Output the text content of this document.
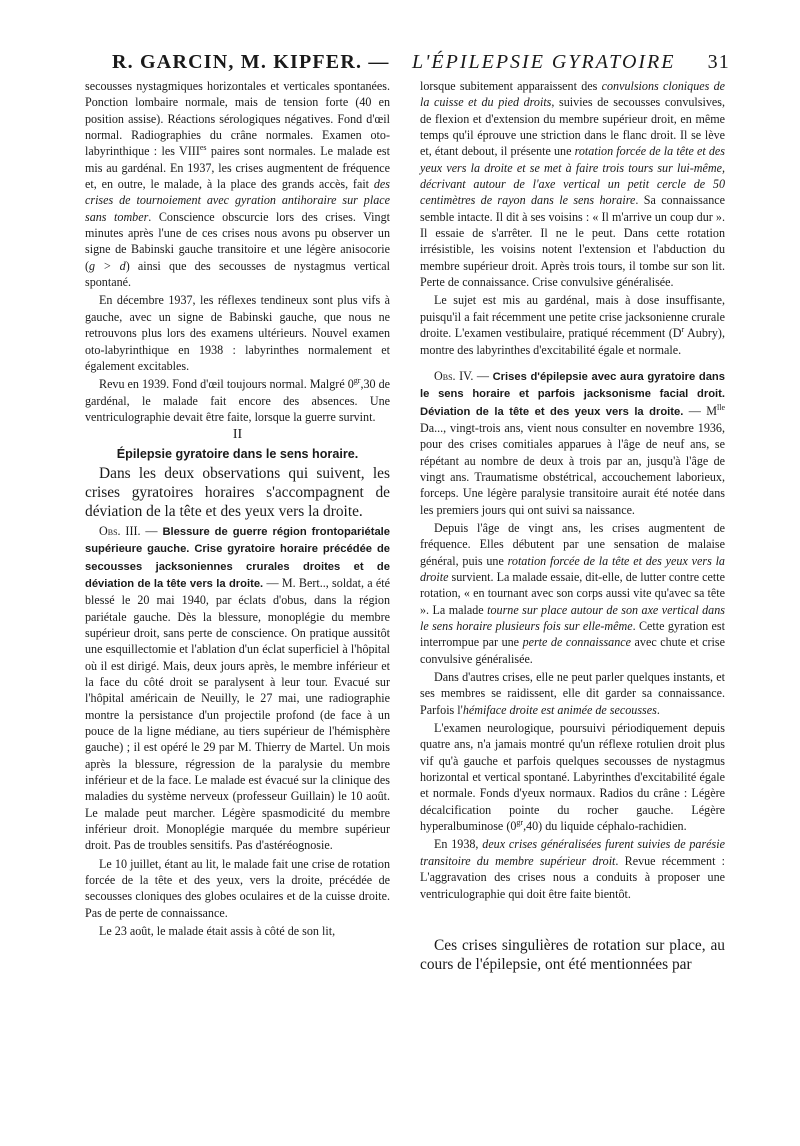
R. GARCIN, M. KIPFER. — L'ÉPILEPSIE GYRATOIRE 31

secousses nystagmiques horizontales et verticales spontanées. Ponction lombaire normale, mais de tension forte (40 en position assise). Réactions sérologiques négatives. Fond d'œil normal. Radiographies du crâne normales. Examen oto-labyrinthique : les $VIII^{es}$ paires sont normales. Le malade est mis au gardénal. En 1937, les crises augmentent de fréquence et, en outre, le malade, à la place des grands accès, fait des crises de tournoiement avec gyration antihoraire sur place sans tomber. Conscience obscurcie lors des crises. Vingt minutes après l'une de ces crises nous avons pu observer un signe de Babinski gauche transitoire et une légère anisocorie (g > d) ainsi que des secousses de nystagmus vertical spontané.

En décembre 1937, les réflexes tendineux sont plus vifs à gauche, avec un signe de Babinski gauche, que nous ne retrouvons plus lors des examens ultérieurs. Nouvel examen oto-labyrinthique en 1938 : labyrinthes normalement et également excitables.

Revu en 1939. Fond d'œil toujours normal. Malgré $0^{gr},30$ de gardénal, le malade fait encore des absences. Une ventriculographie devait être faite, lorsque la guerre survint.

II

Épilepsie gyratoire dans le sens horaire.

Dans les deux observations qui suivent, les crises gyratoires horaires s'accompagnent de déviation de la tête et des yeux vers la droite.

Obs. III. — Blessure de guerre région frontopariétale supérieure gauche. Crise gyratoire horaire précédée de secousses jacksoniennes crurales droites et de déviation de la tête vers la droite. — M. Bert.., soldat, a été blessé le 20 mai 1940, par éclats d'obus, dans la région pariétale gauche. Dès la blessure, monoplégie du membre supérieur droit, sans perte de conscience. On pratique aussitôt une esquillectomie et l'ablation d'un éclat superficiel à l'hôpital où il est dirigé. Mais, deux jours après, le membre inférieur et la face du côté droit se paralysent à leur tour. Evacué sur l'hôpital américain de Neuilly, le 27 mai, une radiographie montre la persistance d'un projectile profond (de face à un pouce de la ligne médiane, au tiers supérieur de l'hémisphère gauche) ; il est opéré le 29 par M. Thierry de Martel. Un mois après la blessure, régression de la paralysie du membre inférieur et de la face. Le malade est évacué sur la clinique des maladies du système nerveux (professeur Guillain) le 10 août. Le malade peut marcher. Légère spasmodicité du membre inférieur droit. Monoplégie marquée du membre supérieur droit. Pas de troubles sensitifs. Pas d'astéréognosie.

Le 10 juillet, étant au lit, le malade fait une crise de rotation forcée de la tête et des yeux, vers la droite, précédée de secousses cloniques des globes oculaires et de la cuisse droite. Pas de perte de connaissance.

Le 23 août, le malade était assis à côté de son lit,

lorsque subitement apparaissent des convulsions cloniques de la cuisse et du pied droits, suivies de secousses convulsives, de flexion et d'extension du membre supérieur droit, en même temps qu'il éprouve une striction dans le flanc droit. Il se lève et, étant debout, il présente une rotation forcée de la tête et des yeux vers la droite et se met à faire trois tours sur lui-même, décrivant autour de l'axe vertical un petit cercle de 50 centimètres de rayon dans le sens horaire. Sa connaissance semble intacte. Il dit à ses voisins : « Il m'arrive un coup dur ». Il essaie de s'arrêter. Il ne le peut. Dans cette rotation irrésistible, les voisins notent l'extension et l'abduction du membre supérieur droit. Après trois tours, il tombe sur son lit. Perte de connaissance. Crise convulsive généralisée.

Le sujet est mis au gardénal, mais à dose insuffisante, puisqu'il a fait récemment une petite crise jacksonienne crurale droite. L'examen vestibulaire, pratiqué récemment ($D^r$ Aubry), montre des labyrinthes d'excitabilité égale et normale.

Obs. IV. — Crises d'épilepsie avec aura gyratoire dans le sens horaire et parfois jacksonisme facial droit. Déviation de la tête et des yeux vers la droite. — $M^{lle}$ Da..., vingt-trois ans, vient nous consulter en novembre 1936, pour des crises comitiales apparues à l'âge de neuf ans, se répétant au nombre de deux à trois par an, jusqu'à l'âge de vingt ans. Traumatisme obstétrical, accouchement laborieux, forceps. Une légère paralysie transitoire aurait été notée dans les premiers jours qui ont suivi sa naissance.

Depuis l'âge de vingt ans, les crises augmentent de fréquence. Elles débutent par une sensation de malaise général, puis une rotation forcée de la tête et des yeux vers la droite survient. La malade essaie, dit-elle, de lutter contre cette rotation, « en tournant avec son corps aussi vite qu'avec sa tête ». La malade tourne sur place autour de son axe vertical dans le sens horaire plusieurs fois sur elle-même. Cette gyration est interrompue par une perte de connaissance avec chute et crise convulsive généralisée.

Dans d'autres crises, elle ne peut parler quelques instants, et ses membres se raidissent, elle dit garder sa connaissance. Parfois l'hémiface droite est animée de secousses.

L'examen neurologique, poursuivi périodiquement depuis quatre ans, n'a jamais montré qu'un réflexe rotulien droit plus vif qu'à gauche et parfois quelques secousses de nystagmus horizontal et vertical spontané. Labyrinthes d'excitabilité égale et normale. Fonds d'yeux normaux. Radios du crâne : Légère décalcification pointe du rocher gauche. Légère hyperalbuminose $(0^{gr},40)$ du liquide céphalo-rachidien.

En 1938, deux crises généralisées furent suivies de parésie transitoire du membre supérieur droit. Revue récemment : L'aggravation des crises nous a conduits à proposer une ventriculographie qui doit être faite bientôt.

Ces crises singulières de rotation sur place, au cours de l'épilepsie, ont été mentionnées par
